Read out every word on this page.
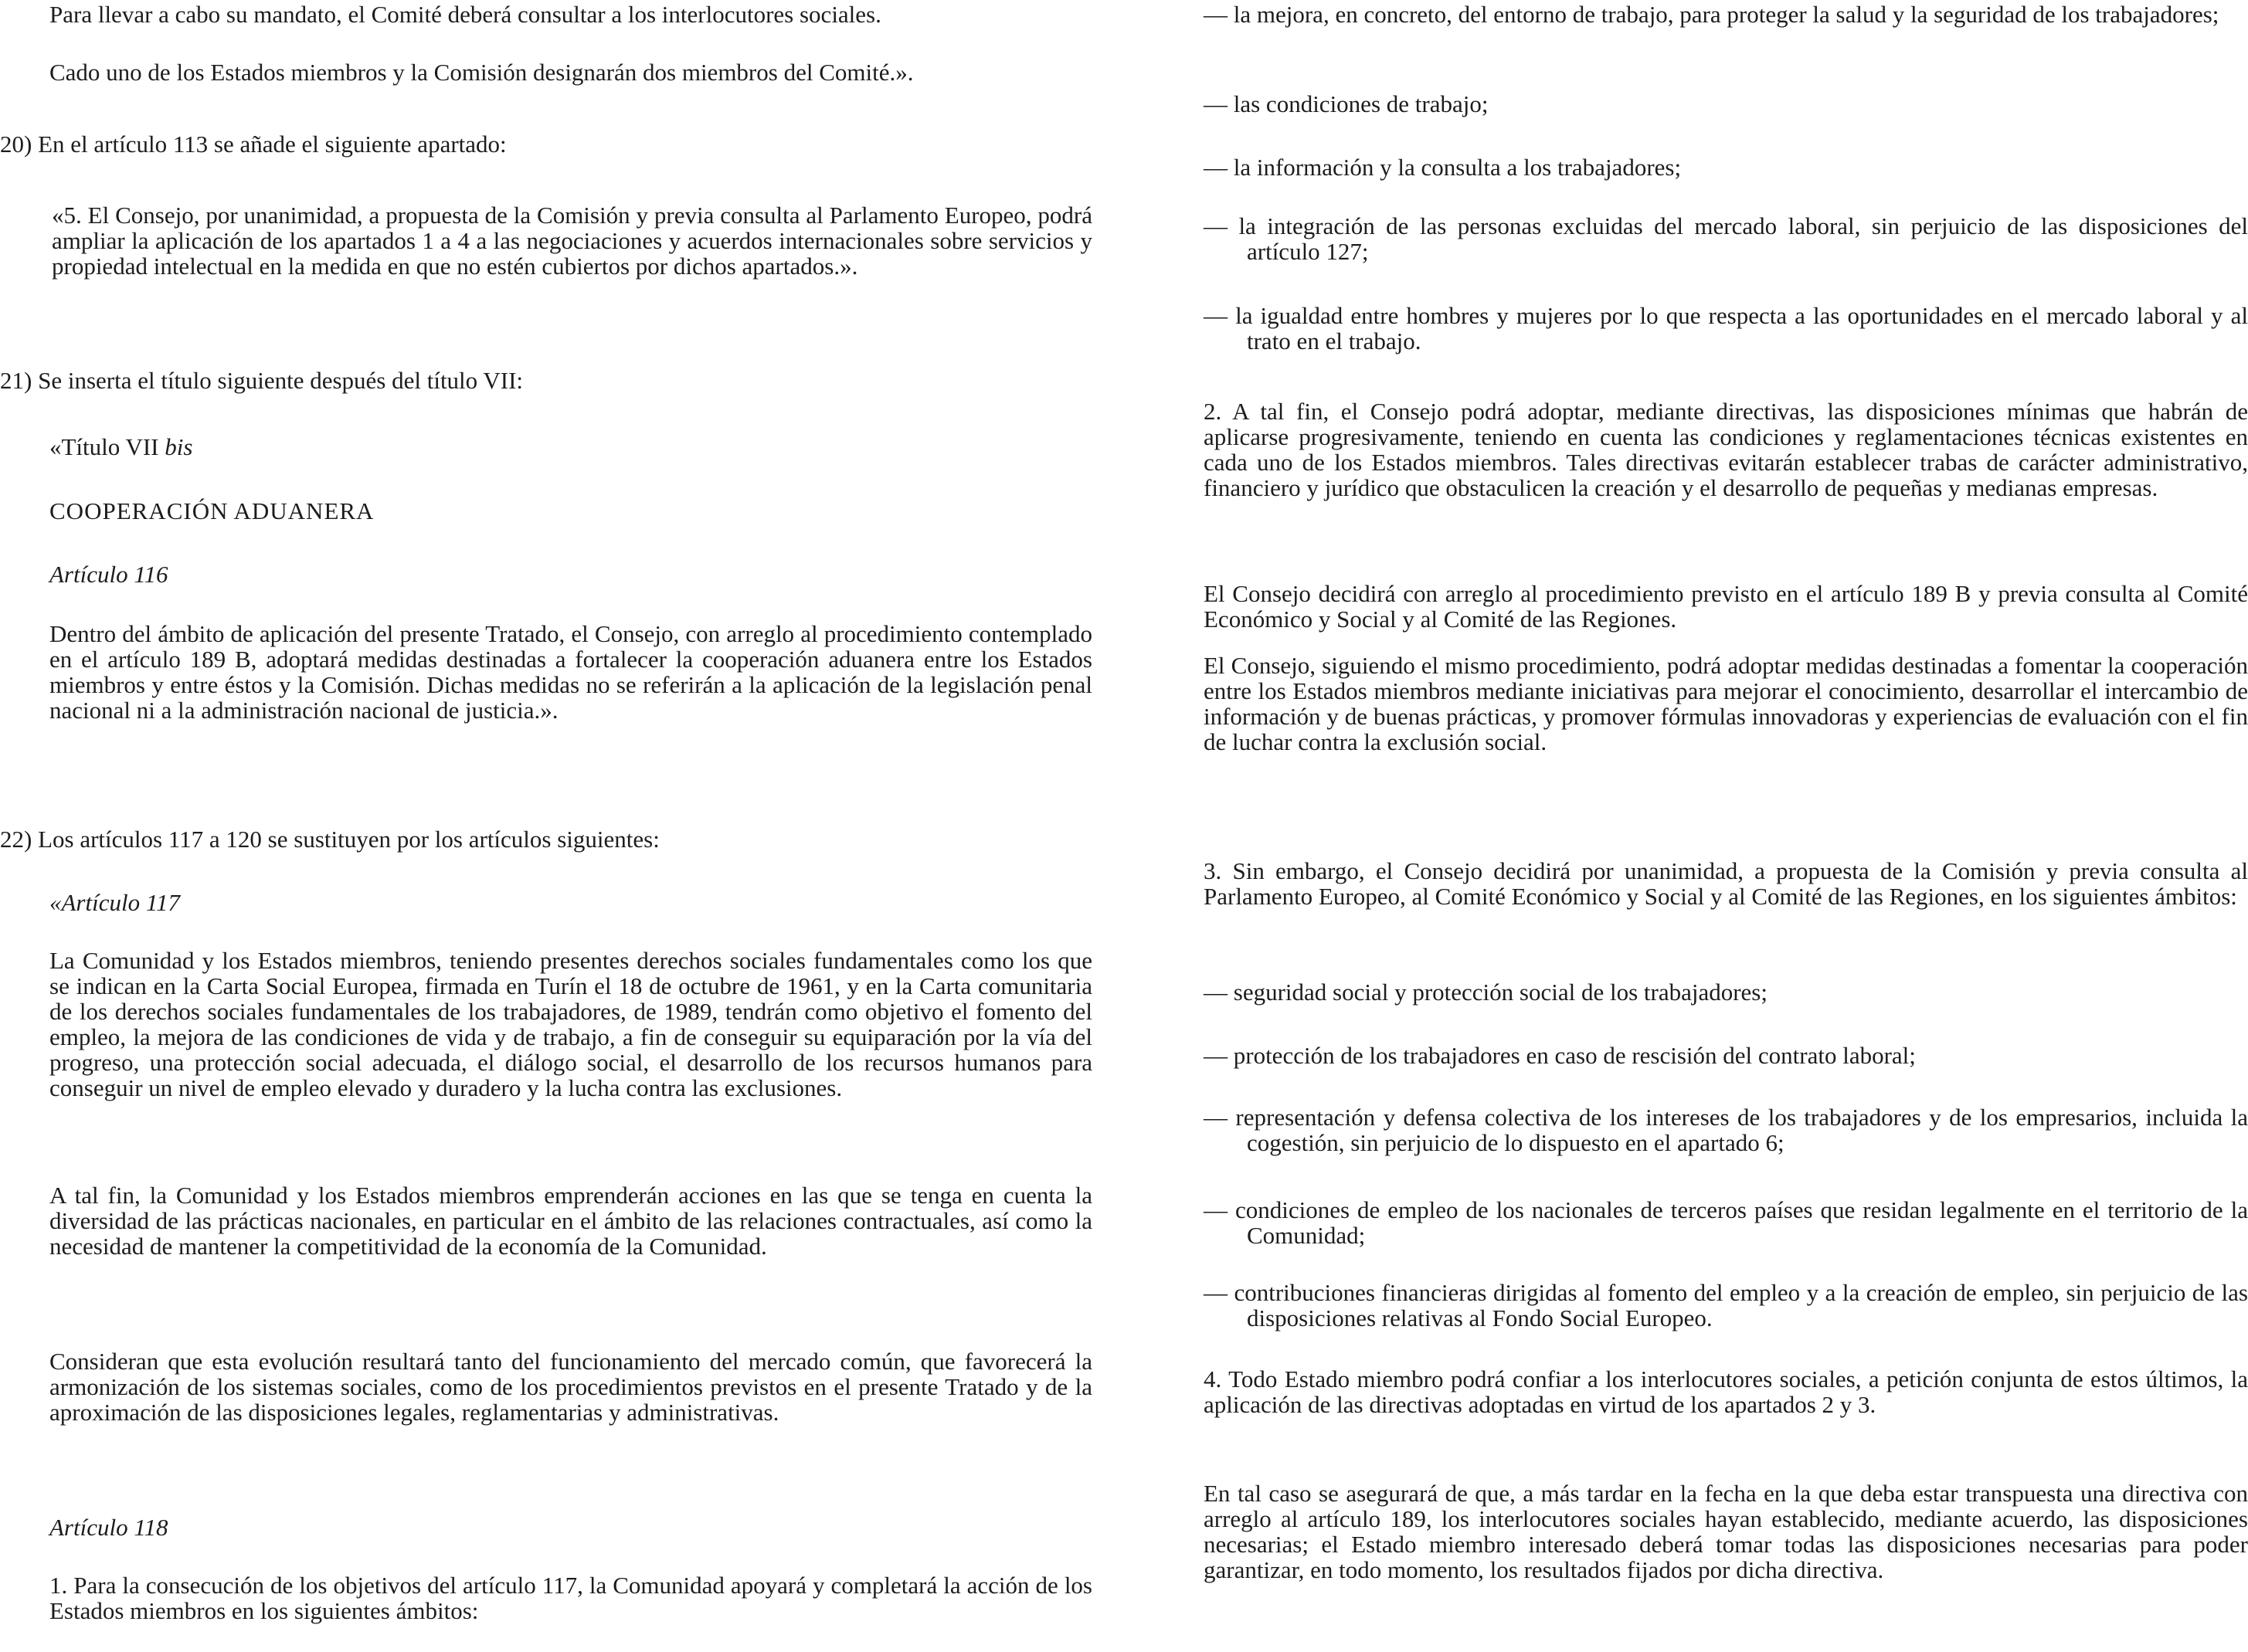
Para llevar a cabo su mandato, el Comité deberá consultar a los interlocutores sociales.
Cado uno de los Estados miembros y la Comisión designarán dos miembros del Comité.».
20) En el artículo 113 se añade el siguiente apartado:
«5. El Consejo, por unanimidad, a propuesta de la Comisión y previa consulta al Parlamento Europeo, podrá ampliar la aplicación de los apartados 1 a 4 a las negociaciones y acuerdos internacionales sobre servicios y propiedad intelectual en la medida en que no estén cubiertos por dichos apartados.».
21) Se inserta el título siguiente después del título VII:
«Título VII bis
COOPERACIÓN ADUANERA
Artículo 116
Dentro del ámbito de aplicación del presente Tratado, el Consejo, con arreglo al procedimiento contemplado en el artículo 189 B, adoptará medidas destinadas a fortalecer la cooperación aduanera entre los Estados miembros y entre éstos y la Comisión. Dichas medidas no se referirán a la aplicación de la legislación penal nacional ni a la administración nacional de justicia.».
22) Los artículos 117 a 120 se sustituyen por los artículos siguientes:
«Artículo 117
La Comunidad y los Estados miembros, teniendo presentes derechos sociales fundamentales como los que se indican en la Carta Social Europea, firmada en Turín el 18 de octubre de 1961, y en la Carta comunitaria de los derechos sociales fundamentales de los trabajadores, de 1989, tendrán como objetivo el fomento del empleo, la mejora de las condiciones de vida y de trabajo, a fin de conseguir su equiparación por la vía del progreso, una protección social adecuada, el diálogo social, el desarrollo de los recursos humanos para conseguir un nivel de empleo elevado y duradero y la lucha contra las exclusiones.
A tal fin, la Comunidad y los Estados miembros emprenderán acciones en las que se tenga en cuenta la diversidad de las prácticas nacionales, en particular en el ámbito de las relaciones contractuales, así como la necesidad de mantener la competitividad de la economía de la Comunidad.
Consideran que esta evolución resultará tanto del funcionamiento del mercado común, que favorecerá la armonización de los sistemas sociales, como de los procedimientos previstos en el presente Tratado y de la aproximación de las disposiciones legales, reglamentarias y administrativas.
Artículo 118
1. Para la consecución de los objetivos del artículo 117, la Comunidad apoyará y completará la acción de los Estados miembros en los siguientes ámbitos:
— la mejora, en concreto, del entorno de trabajo, para proteger la salud y la seguridad de los trabajadores;
— las condiciones de trabajo;
— la información y la consulta a los trabajadores;
— la integración de las personas excluidas del mercado laboral, sin perjuicio de las disposiciones del artículo 127;
— la igualdad entre hombres y mujeres por lo que respecta a las oportunidades en el mercado laboral y al trato en el trabajo.
2. A tal fin, el Consejo podrá adoptar, mediante directivas, las disposiciones mínimas que habrán de aplicarse progresivamente, teniendo en cuenta las condiciones y reglamentaciones técnicas existentes en cada uno de los Estados miembros. Tales directivas evitarán establecer trabas de carácter administrativo, financiero y jurídico que obstaculicen la creación y el desarrollo de pequeñas y medianas empresas.
El Consejo decidirá con arreglo al procedimiento previsto en el artículo 189 B y previa consulta al Comité Económico y Social y al Comité de las Regiones.
El Consejo, siguiendo el mismo procedimiento, podrá adoptar medidas destinadas a fomentar la cooperación entre los Estados miembros mediante iniciativas para mejorar el conocimiento, desarrollar el intercambio de información y de buenas prácticas, y promover fórmulas innovadoras y experiencias de evaluación con el fin de luchar contra la exclusión social.
3. Sin embargo, el Consejo decidirá por unanimidad, a propuesta de la Comisión y previa consulta al Parlamento Europeo, al Comité Económico y Social y al Comité de las Regiones, en los siguientes ámbitos:
— seguridad social y protección social de los trabajadores;
— protección de los trabajadores en caso de rescisión del contrato laboral;
— representación y defensa colectiva de los intereses de los trabajadores y de los empresarios, incluida la cogestión, sin perjuicio de lo dispuesto en el apartado 6;
— condiciones de empleo de los nacionales de terceros países que residan legalmente en el territorio de la Comunidad;
— contribuciones financieras dirigidas al fomento del empleo y a la creación de empleo, sin perjuicio de las disposiciones relativas al Fondo Social Europeo.
4. Todo Estado miembro podrá confiar a los interlocutores sociales, a petición conjunta de estos últimos, la aplicación de las directivas adoptadas en virtud de los apartados 2 y 3.
En tal caso se asegurará de que, a más tardar en la fecha en la que deba estar transpuesta una directiva con arreglo al artículo 189, los interlocutores sociales hayan establecido, mediante acuerdo, las disposiciones necesarias; el Estado miembro interesado deberá tomar todas las disposiciones necesarias para poder garantizar, en todo momento, los resultados fijados por dicha directiva.
